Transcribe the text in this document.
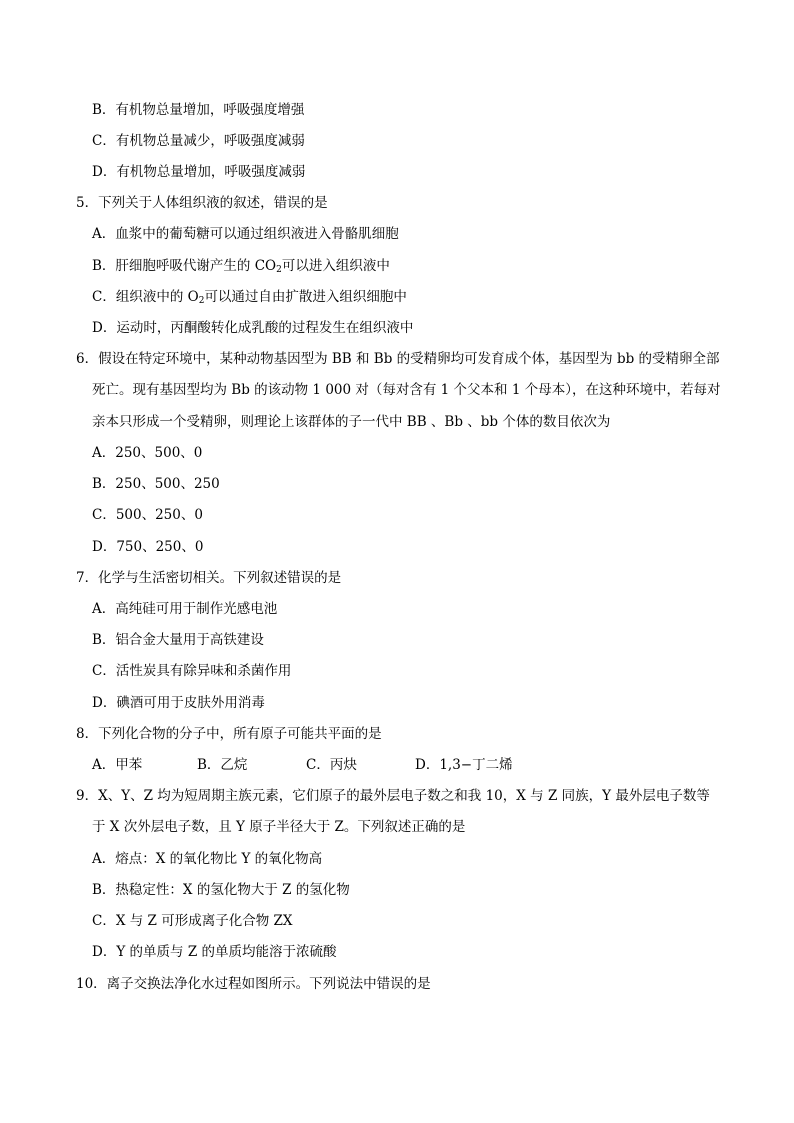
B．有机物总量增加，呼吸强度增强
C．有机物总量减少，呼吸强度减弱
D．有机物总量增加，呼吸强度减弱
5．下列关于人体组织液的叙述，错误的是
A．血浆中的葡萄糖可以通过组织液进入骨骼肌细胞
B．肝细胞呼吸代谢产生的 $CO_2$可以进入组织液中
C．组织液中的 $O_2$可以通过自由扩散进入组织细胞中
D．运动时，丙酮酸转化成乳酸的过程发生在组织液中
6．假设在特定环境中，某种动物基因型为 BB 和 Bb 的受精卵均可发育成个体，基因型为 bb 的受精卵全部
死亡。现有基因型均为 Bb 的该动物 1 000 对（每对含有 1 个父本和 1 个母本），在这种环境中，若每对
亲本只形成一个受精卵，则理论上该群体的子一代中 BB 、Bb 、bb 个体的数目依次为
A．250、500、0
B．250、500、250
C．500、250、0
D．750、250、0
7．化学与生活密切相关。下列叙述错误的是
A．高纯硅可用于制作光感电池
B．铝合金大量用于高铁建设
C．活性炭具有除异味和杀菌作用
D．碘酒可用于皮肤外用消毒
8．下列化合物的分子中，所有原子可能共平面的是
A．甲苯	B．乙烷	C．丙炔	D．1,3−丁二烯
9．X、Y、Z 均为短周期主族元素，它们原子的最外层电子数之和我 10，X 与 Z 同族，Y 最外层电子数等
于 X 次外层电子数，且 Y 原子半径大于 Z。下列叙述正确的是
A．熔点：X 的氧化物比 Y 的氧化物高
B．热稳定性：X 的氢化物大于 Z 的氢化物
C．X 与 Z 可形成离子化合物 ZX
D．Y 的单质与 Z 的单质均能溶于浓硫酸
10．离子交换法净化水过程如图所示。下列说法中错误的是
